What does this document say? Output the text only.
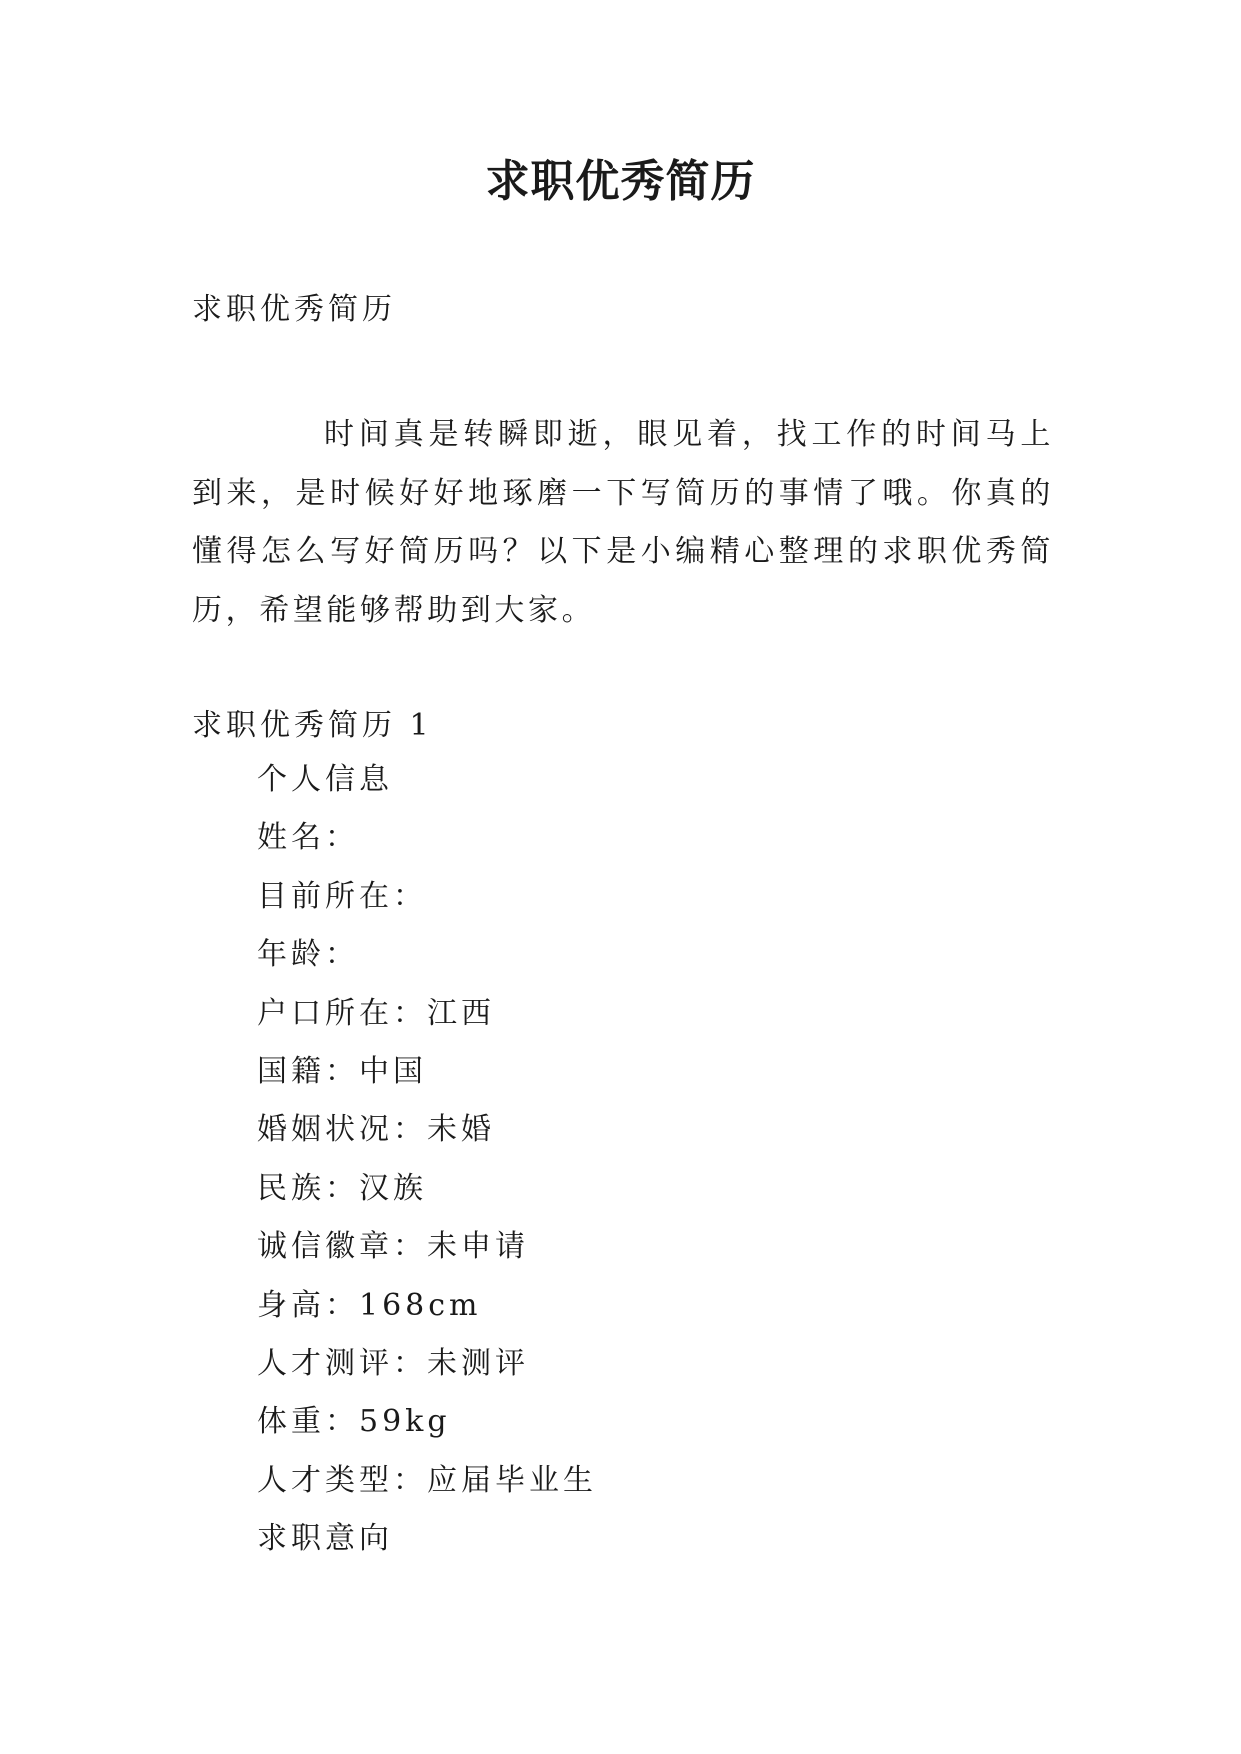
求职优秀简历
求职优秀简历

时间真是转瞬即逝，眼见着，找工作的时间马上到来，是时候好好地琢磨一下写简历的事情了哦。你真的懂得怎么写好简历吗？以下是小编精心整理的求职优秀简历，希望能够帮助到大家。

求职优秀简历 1
个人信息
姓名：
目前所在：
年龄：
户口所在：江西
国籍：中国
婚姻状况：未婚
民族：汉族
诚信徽章：未申请
身高：168cm
人才测评：未测评
体重：59kg
人才类型：应届毕业生
求职意向
